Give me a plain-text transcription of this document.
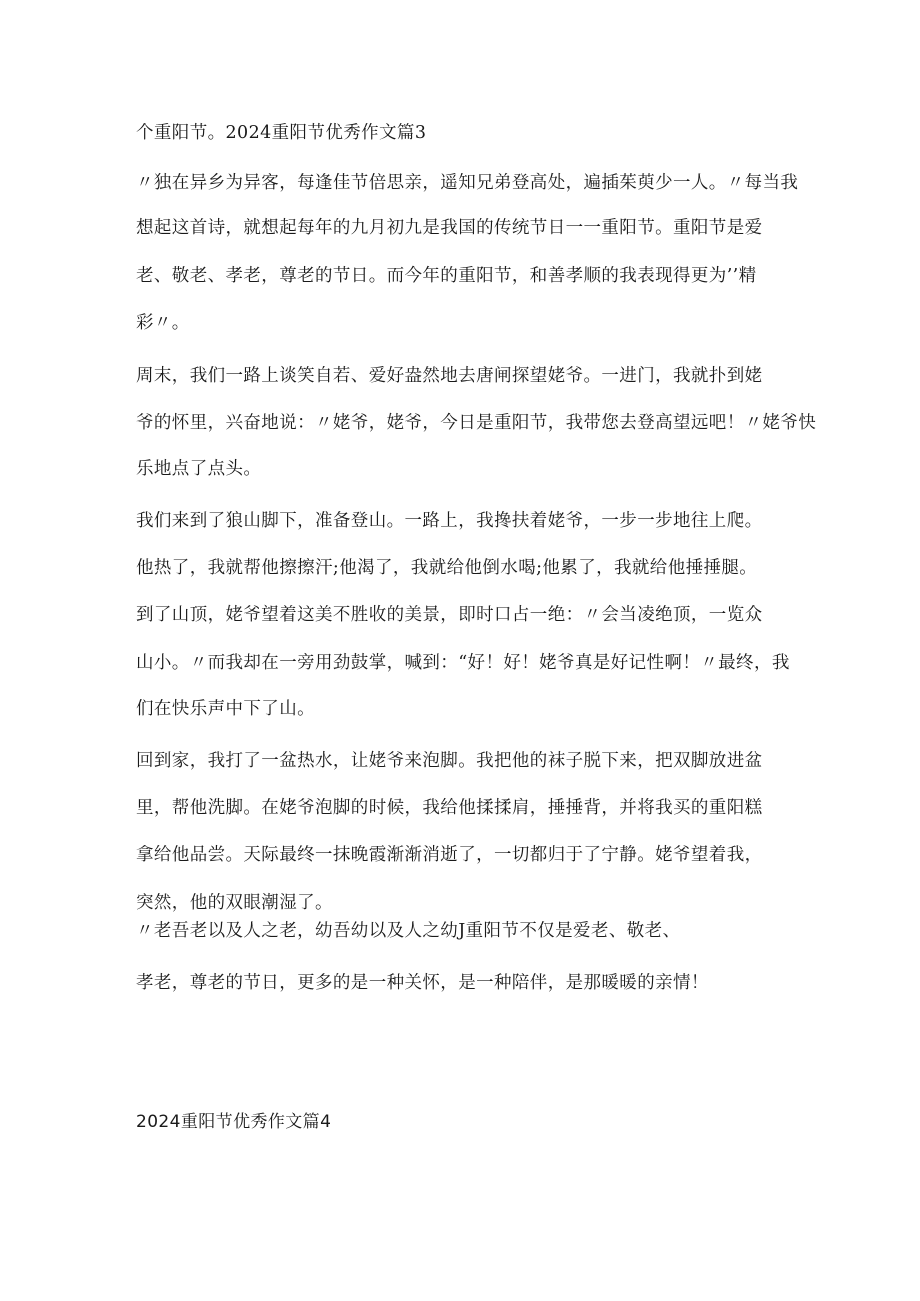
个重阳节。2024重阳节优秀作文篇3
〃独在异乡为异客，每逢佳节倍思亲，遥知兄弟登高处，遍插茱萸少一人。〃每当我
想起这首诗，就想起每年的九月初九是我国的传统节日一一重阳节。重阳节是爱
老、敬老、孝老，尊老的节日。而今年的重阳节，和善孝顺的我表现得更为’’精
彩〃。
周末，我们一路上谈笑自若、爱好盎然地去唐闸探望姥爷。一进门，我就扑到姥
爷的怀里，兴奋地说：〃姥爷，姥爷，今日是重阳节，我带您去登高望远吧！〃姥爷快
乐地点了点头。
我们来到了狼山脚下，准备登山。一路上，我搀扶着姥爷，一步一步地往上爬。
他热了，我就帮他擦擦汗;他渴了，我就给他倒水喝;他累了，我就给他捶捶腿。
到了山顶，姥爷望着这美不胜收的美景，即时口占一绝：〃会当凌绝顶，一览众
山小。〃而我却在一旁用劲鼓掌，喊到：“好！好！姥爷真是好记性啊！〃最终，我
们在快乐声中下了山。
回到家，我打了一盆热水，让姥爷来泡脚。我把他的袜子脱下来，把双脚放进盆
里，帮他洗脚。在姥爷泡脚的时候，我给他揉揉肩，捶捶背，并将我买的重阳糕
拿给他品尝。天际最终一抹晚霞渐渐消逝了，一切都归于了宁静。姥爷望着我，
突然，他的双眼潮湿了。
〃老吾老以及人之老，幼吾幼以及人之幼J重阳节不仅是爱老、敬老、
孝老，尊老的节日，更多的是一种关怀，是一种陪伴，是那暖暖的亲情！
2024重阳节优秀作文篇4
